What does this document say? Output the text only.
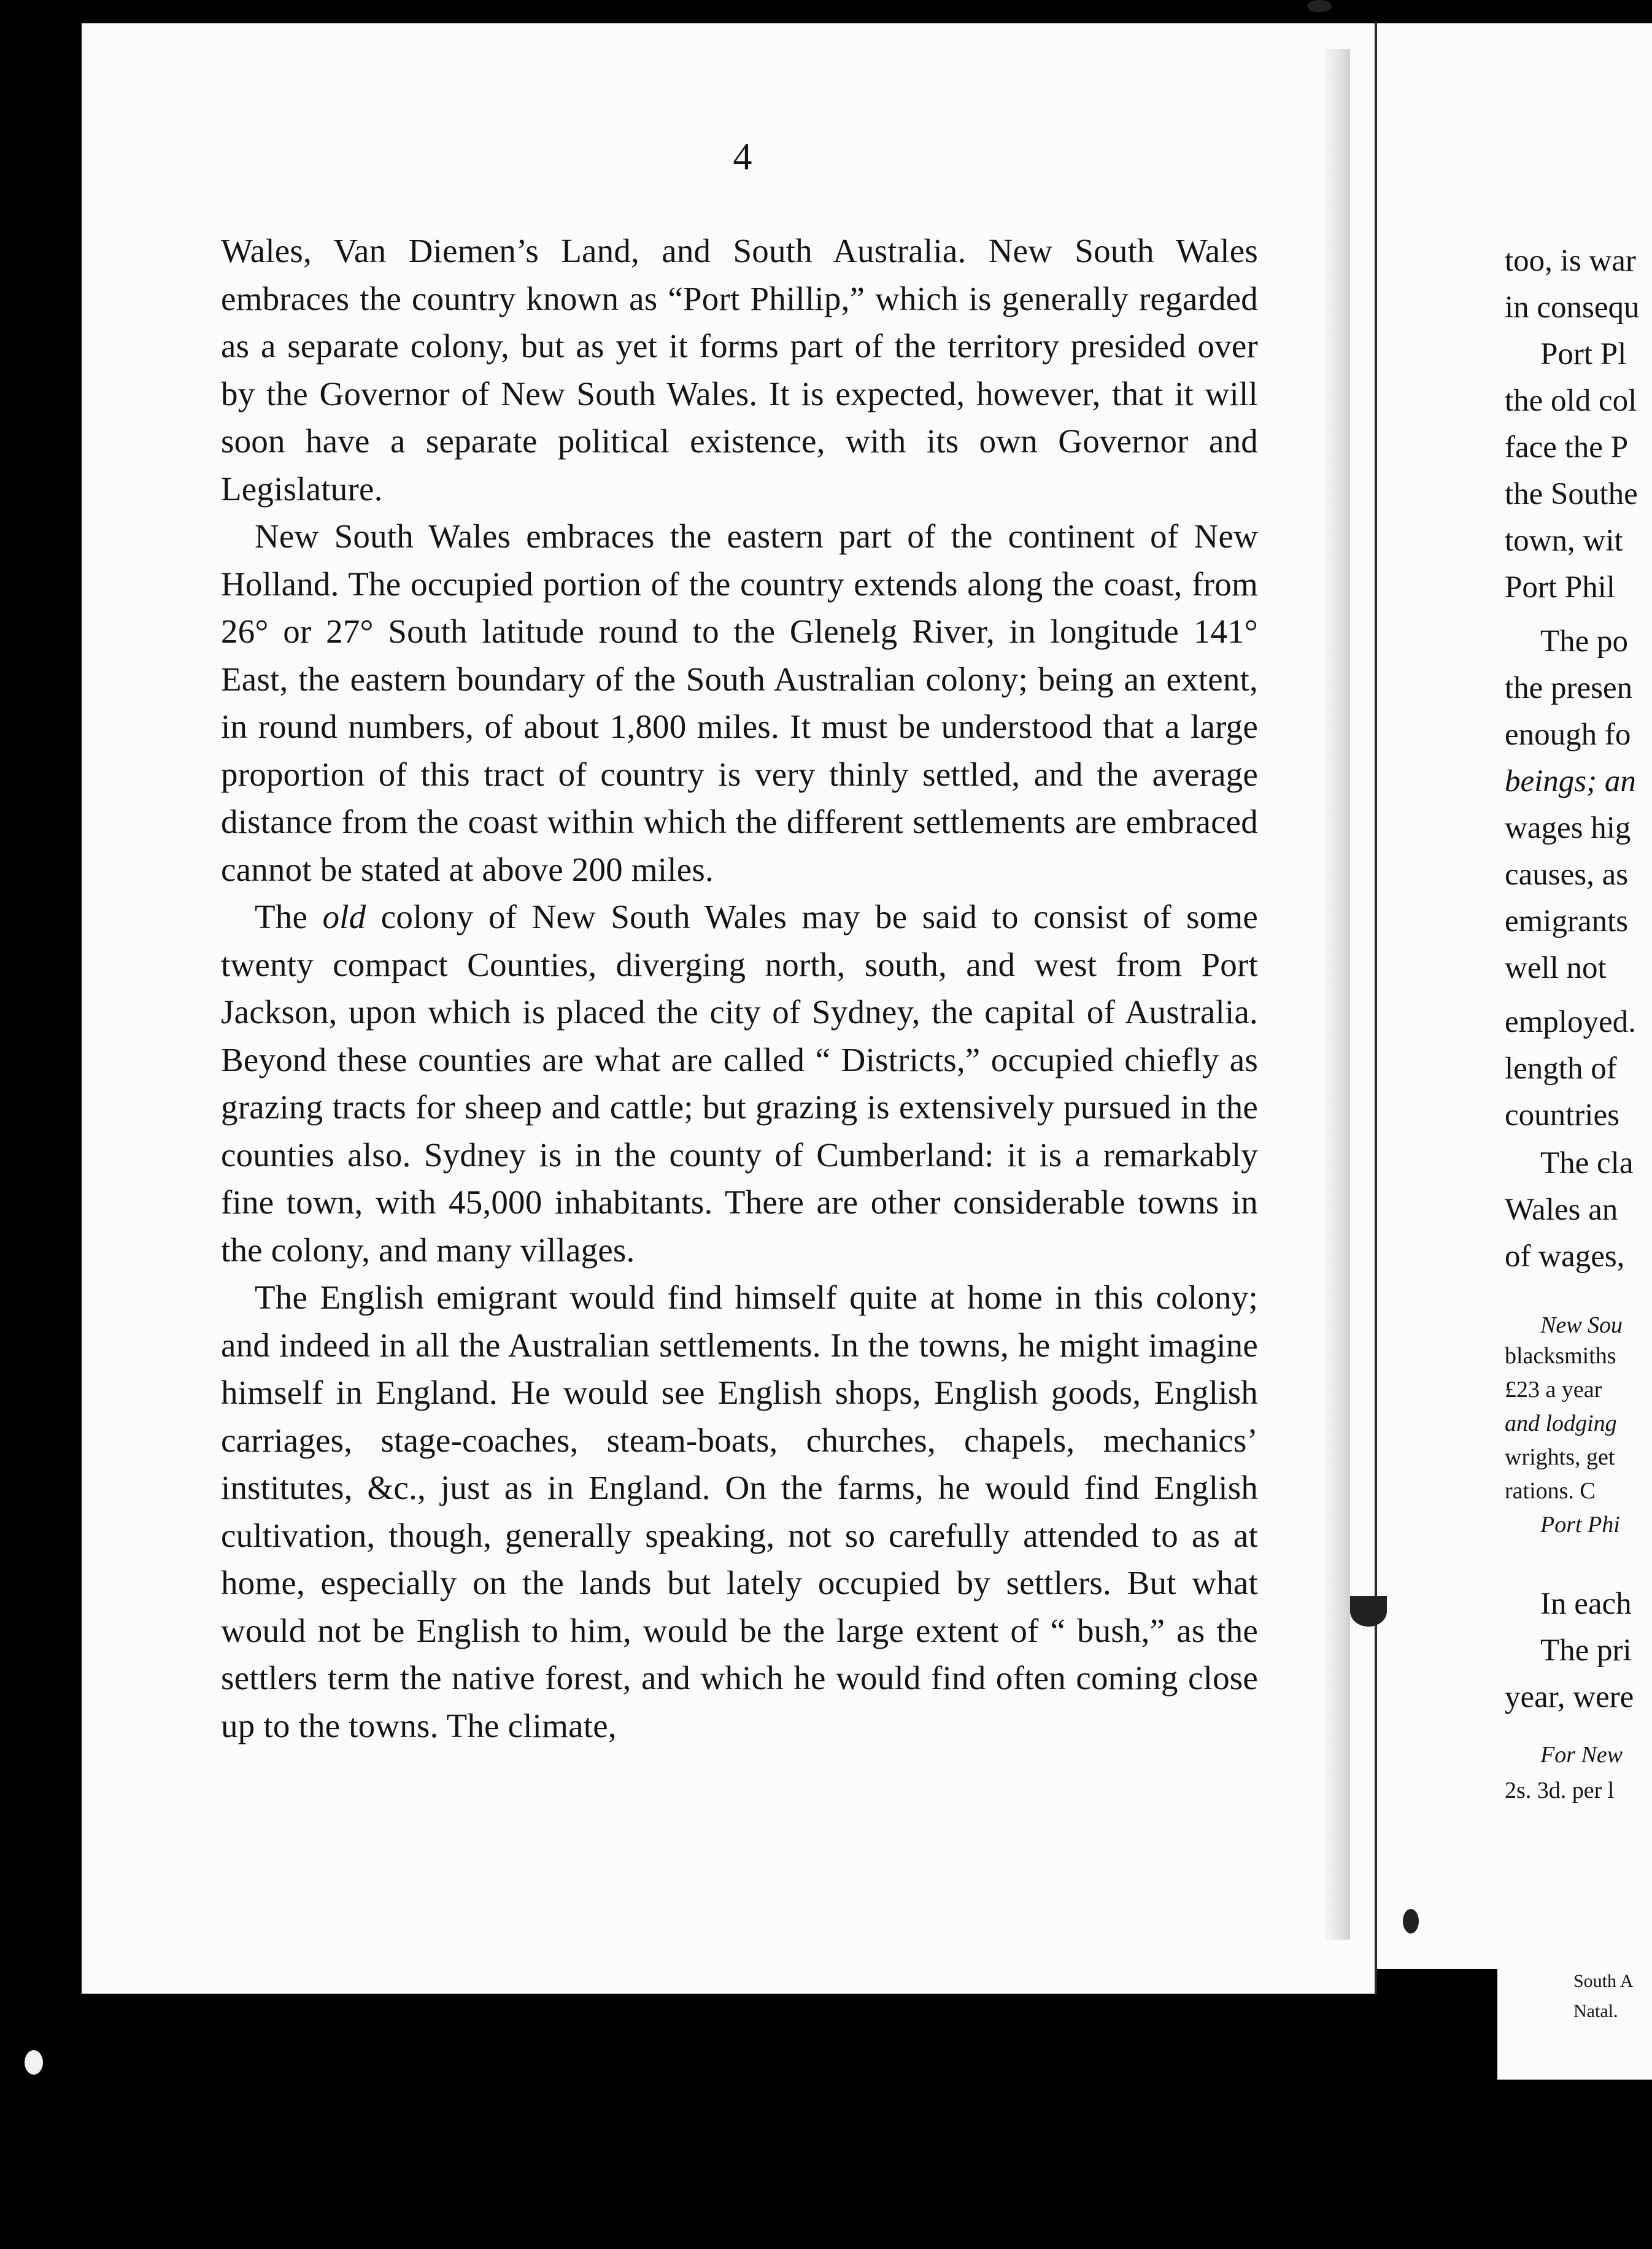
4

Wales, Van Diemen’s Land, and South Australia. New South Wales embraces the country known as “Port Phillip,” which is generally regarded as a separate colony, but as yet it forms part of the territory presided over by the Governor of New South Wales. It is expected, however, that it will soon have a separate political existence, with its own Governor and Legislature.

New South Wales embraces the eastern part of the continent of New Holland. The occupied portion of the country extends along the coast, from 26° or 27° South latitude round to the Glenelg River, in longitude 141° East, the eastern boundary of the South Australian colony; being an extent, in round numbers, of about 1,800 miles. It must be understood that a large proportion of this tract of country is very thinly settled, and the average distance from the coast within which the different settlements are embraced cannot be stated at above 200 miles.

The old colony of New South Wales may be said to consist of some twenty compact Counties, diverging north, south, and west from Port Jackson, upon which is placed the city of Sydney, the capital of Australia. Beyond these counties are what are called “ Districts,” occupied chiefly as grazing tracts for sheep and cattle; but grazing is extensively pursued in the counties also. Sydney is in the county of Cumberland: it is a remarkably fine town, with 45,000 inhabitants. There are other considerable towns in the colony, and many villages.

The English emigrant would find himself quite at home in this colony; and indeed in all the Australian settlements. In the towns, he might imagine himself in England. He would see English shops, English goods, English carriages, stage-coaches, steam-boats, churches, chapels, mechanics’ institutes, &c., just as in England. On the farms, he would find English cultivation, though, generally speaking, not so carefully attended to as at home, especially on the lands but lately occupied by settlers. But what would not be English to him, would be the large extent of “ bush,” as the settlers term the native forest, and which he would find often coming close up to the towns. The climate,

too, is war
in consequ
Port Pl
the old col
face the P
the Southe
town, wit
Port Phil
The po
the presen
enough fo
beings; an
wages hig
causes, as
emigrants
well not
employed.
length of
countries
The cla
Wales an
of wages,
New Sou
blacksmiths
£23 a year
and lodging
wrights, get
rations. C
Port Phi
In each
The pri
year, were
For New
2s. 3d. per l
South A
Natal.
